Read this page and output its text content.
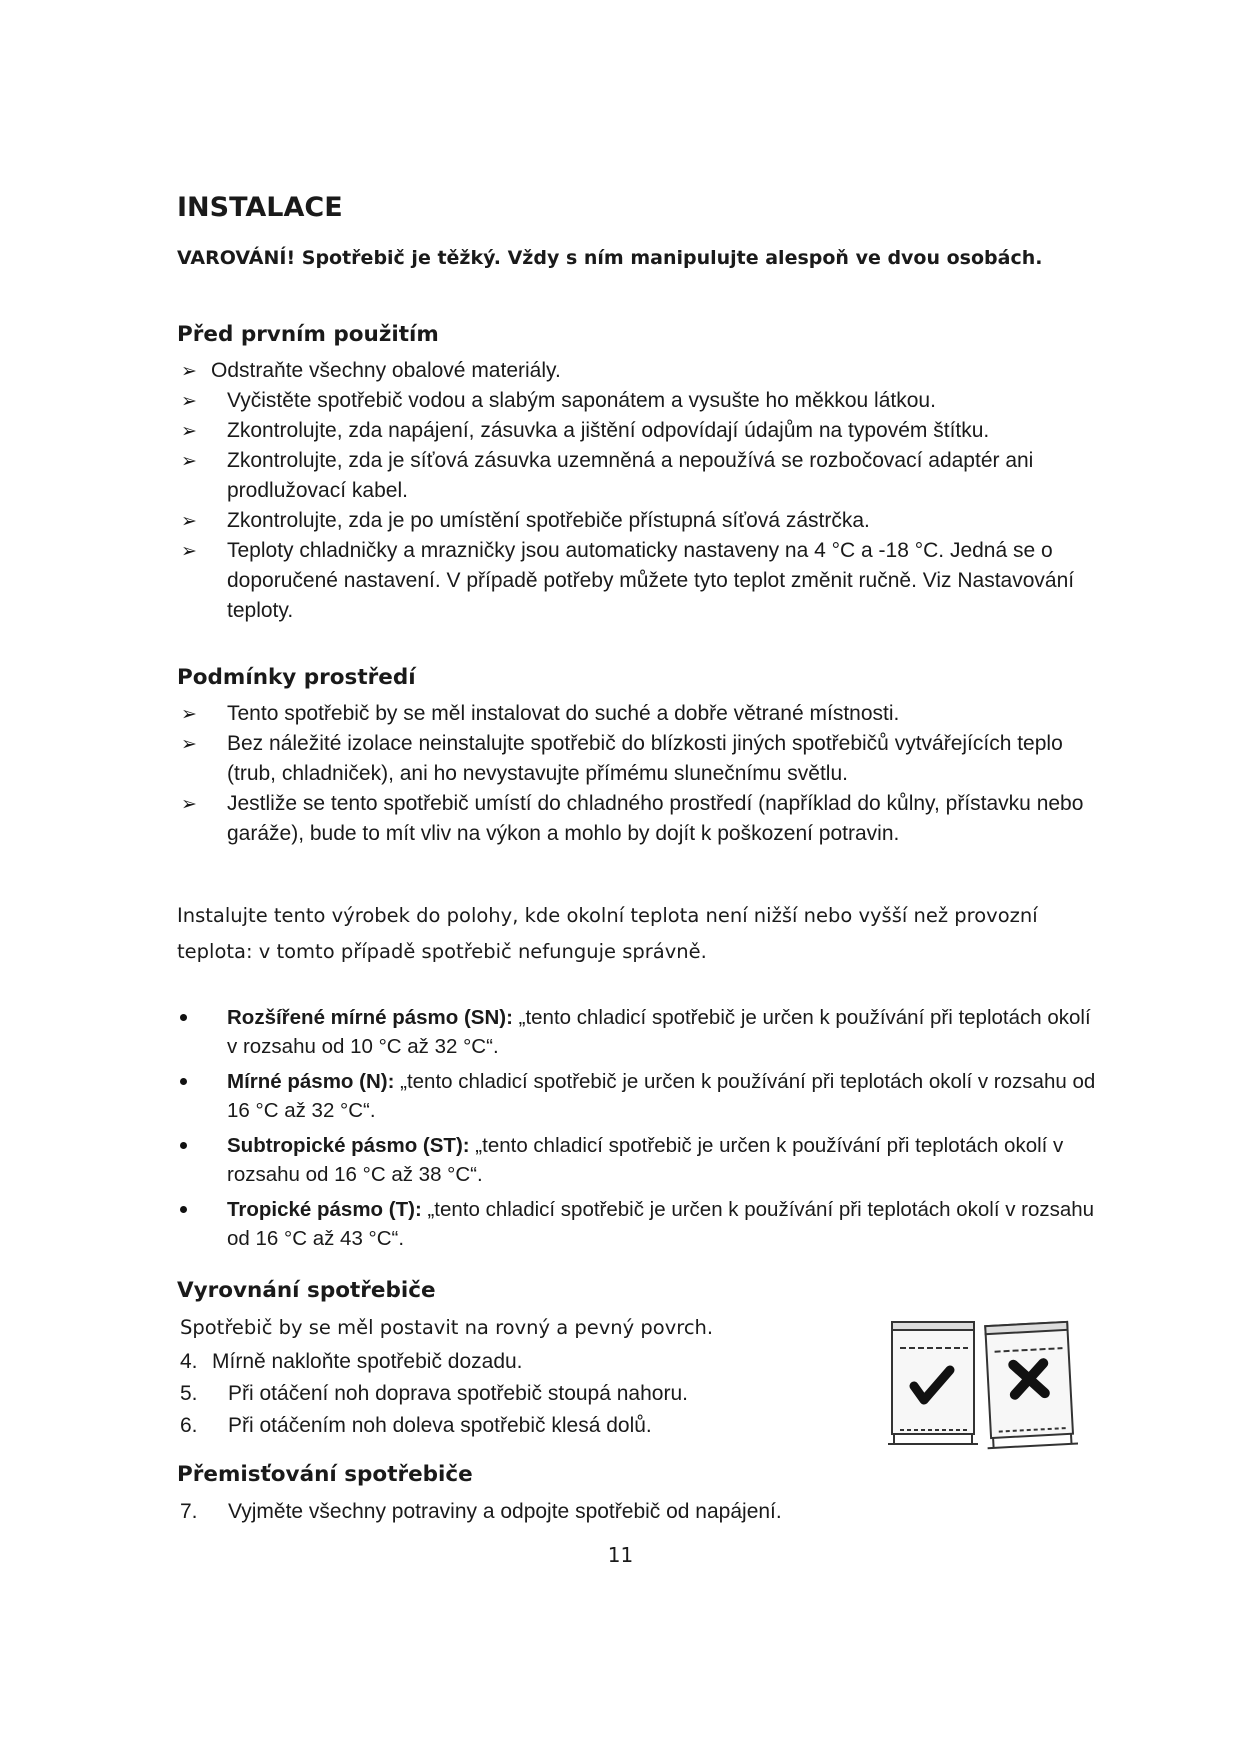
INSTALACE
VAROVÁNÍ! Spotřebič je těžký. Vždy s ním manipulujte alespoň ve dvou osobách.
Před prvním použitím
➢ Odstraňte všechny obalové materiály.
➢ Vyčistěte spotřebič vodou a slabým saponátem a vysušte ho měkkou látkou.
➢ Zkontrolujte, zda napájení, zásuvka a jištění odpovídají údajům na typovém štítku.
➢ Zkontrolujte, zda je síťová zásuvka uzemněná a nepoužívá se rozbočovací adaptér ani prodlužovací kabel.
➢ Zkontrolujte, zda je po umístění spotřebiče přístupná síťová zástrčka.
➢ Teploty chladničky a mrazničky jsou automaticky nastaveny na 4 °C a -18 °C. Jedná se o doporučené nastavení. V případě potřeby můžete tyto teplot změnit ručně. Viz Nastavování teploty.
Podmínky prostředí
➢ Tento spotřebič by se měl instalovat do suché a dobře větrané místnosti.
➢ Bez náležité izolace neinstalujte spotřebič do blízkosti jiných spotřebičů vytvářejících teplo (trub, chladniček), ani ho nevystavujte přímému slunečnímu světlu.
➢ Jestliže se tento spotřebič umístí do chladného prostředí (například do kůlny, přístavku nebo garáže), bude to mít vliv na výkon a mohlo by dojít k poškození potravin.
Instalujte tento výrobek do polohy, kde okolní teplota není nižší nebo vyšší než provozní teplota: v tomto případě spotřebič nefunguje správně.
Rozšířené mírné pásmo (SN): „tento chladicí spotřebič je určen k používání při teplotách okolí v rozsahu od 10 °C až 32 °C“.
Mírné pásmo (N): „tento chladicí spotřebič je určen k používání při teplotách okolí v rozsahu od 16 °C až 32 °C“.
Subtropické pásmo (ST): „tento chladicí spotřebič je určen k používání při teplotách okolí v rozsahu od 16 °C až 38 °C“.
Tropické pásmo (T): „tento chladicí spotřebič je určen k používání při teplotách okolí v rozsahu od 16 °C až 43 °C“.
Vyrovnání spotřebiče
Spotřebič by se měl postavit na rovný a pevný povrch.
4. Mírně nakloňte spotřebič dozadu.
5. Při otáčení noh doprava spotřebič stoupá nahoru.
6. Při otáčením noh doleva spotřebič klesá dolů.
Přemisťování spotřebiče
7. Vyjměte všechny potraviny a odpojte spotřebič od napájení.
11
